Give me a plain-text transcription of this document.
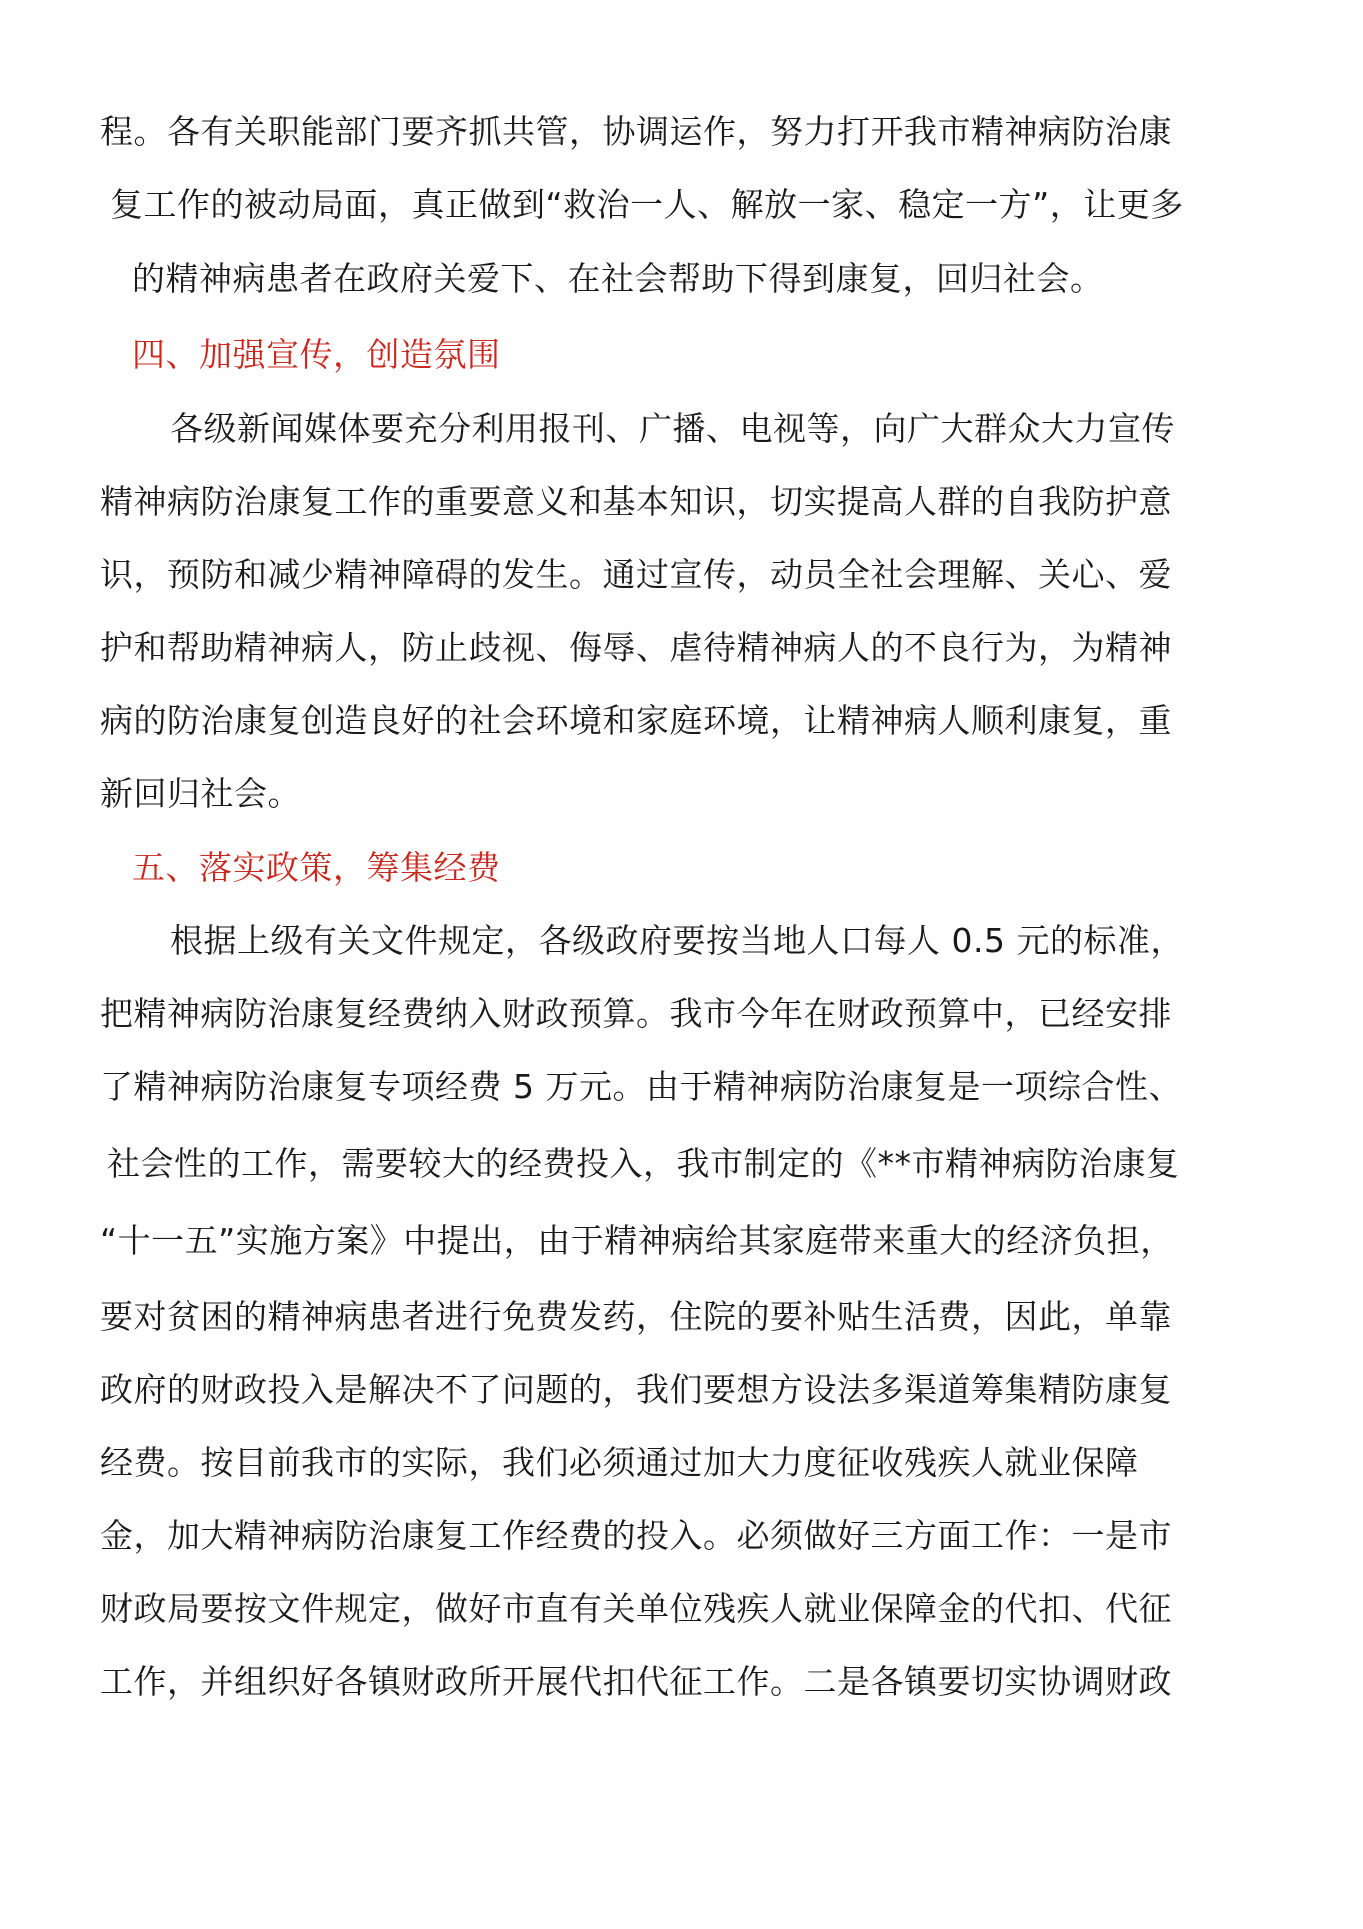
程。各有关职能部门要齐抓共管，协调运作，努力打开我市精神病防治康
复工作的被动局面，真正做到“救治一人、解放一家、稳定一方”，让更多
的精神病患者在政府关爱下、在社会帮助下得到康复，回归社会。
四、加强宣传，创造氛围
各级新闻媒体要充分利用报刊、广播、电视等，向广大群众大力宣传
精神病防治康复工作的重要意义和基本知识，切实提高人群的自我防护意
识，预防和减少精神障碍的发生。通过宣传，动员全社会理解、关心、爱
护和帮助精神病人，防止歧视、侮辱、虐待精神病人的不良行为，为精神
病的防治康复创造良好的社会环境和家庭环境，让精神病人顺利康复，重
新回归社会。
五、落实政策，筹集经费
根据上级有关文件规定，各级政府要按当地人口每人 0.5 元的标准，
把精神病防治康复经费纳入财政预算。我市今年在财政预算中，已经安排
了精神病防治康复专项经费 5 万元。由于精神病防治康复是一项综合性、
社会性的工作，需要较大的经费投入，我市制定的《**市精神病防治康复
“十一五”实施方案》中提出，由于精神病给其家庭带来重大的经济负担，
要对贫困的精神病患者进行免费发药，住院的要补贴生活费，因此，单靠
政府的财政投入是解决不了问题的，我们要想方设法多渠道筹集精防康复
经费。按目前我市的实际，我们必须通过加大力度征收残疾人就业保障
金，加大精神病防治康复工作经费的投入。必须做好三方面工作：一是市
财政局要按文件规定，做好市直有关单位残疾人就业保障金的代扣、代征
工作，并组织好各镇财政所开展代扣代征工作。二是各镇要切实协调财政
